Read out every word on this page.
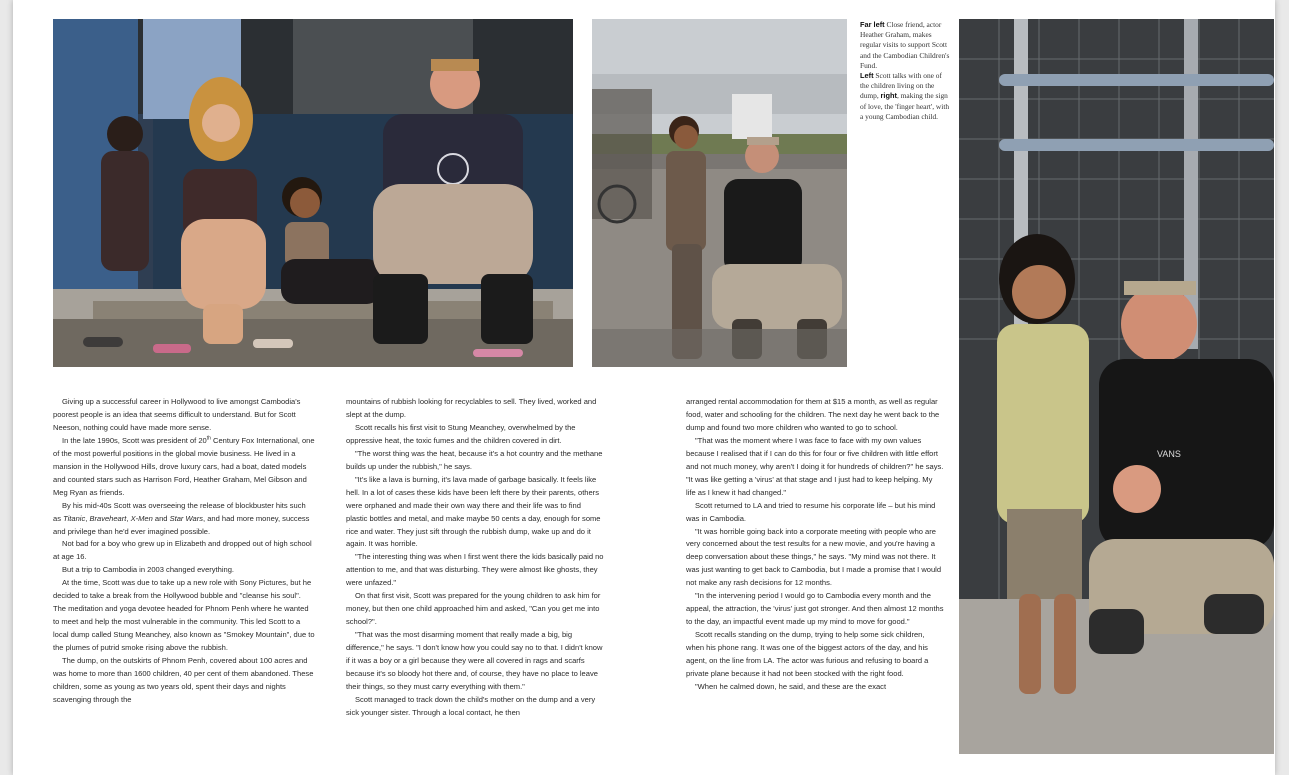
Far left Close friend, actor Heather Graham, makes regular visits to support Scott and the Cambodian Children's Fund.
Left Scott talks with one of the children living on the dump, right, making the sign of love, the 'finger heart', with a young Cambodian child.
VANS

Giving up a successful career in Hollywood to live amongst Cambodia's poorest people is an idea that seems difficult to understand. But for Scott Neeson, nothing could have made more sense.

In the late 1990s, Scott was president of 20th Century Fox International, one of the most powerful positions in the global movie business. He lived in a mansion in the Hollywood Hills, drove luxury cars, had a boat, dated models and counted stars such as Harrison Ford, Heather Graham, Mel Gibson and Meg Ryan as friends.

By his mid-40s Scott was overseeing the release of blockbuster hits such as Titanic, Braveheart, X-Men and Star Wars, and had more money, success and privilege than he'd ever imagined possible.

Not bad for a boy who grew up in Elizabeth and dropped out of high school at age 16.

But a trip to Cambodia in 2003 changed everything.

At the time, Scott was due to take up a new role with Sony Pictures, but he decided to take a break from the Hollywood bubble and "cleanse his soul". The meditation and yoga devotee headed for Phnom Penh where he wanted to meet and help the most vulnerable in the community. This led Scott to a local dump called Stung Meanchey, also known as "Smokey Mountain", due to the plumes of putrid smoke rising above the rubbish.

The dump, on the outskirts of Phnom Penh, covered about 100 acres and was home to more than 1600 children, 40 per cent of them abandoned. These children, some as young as two years old, spent their days and nights scavenging through the

mountains of rubbish looking for recyclables to sell. They lived, worked and slept at the dump.

Scott recalls his first visit to Stung Meanchey, overwhelmed by the oppressive heat, the toxic fumes and the children covered in dirt.

"The worst thing was the heat, because it's a hot country and the methane builds up under the rubbish," he says.

"It's like a lava is burning, it's lava made of garbage basically. It feels like hell. In a lot of cases these kids have been left there by their parents, others were orphaned and made their own way there and their life was to find plastic bottles and metal, and make maybe 50 cents a day, enough for some rice and water. They just sift through the rubbish dump, wake up and do it again. It was horrible.

"The interesting thing was when I first went there the kids basically paid no attention to me, and that was disturbing. They were almost like ghosts, they were unfazed."

On that first visit, Scott was prepared for the young children to ask him for money, but then one child approached him and asked, "Can you get me into school?".

"That was the most disarming moment that really made a big, big difference," he says. "I don't know how you could say no to that. I didn't know if it was a boy or a girl because they were all covered in rags and scarfs because it's so bloody hot there and, of course, they have no place to leave their things, so they must carry everything with them."

Scott managed to track down the child's mother on the dump and a very sick younger sister. Through a local contact, he then

arranged rental accommodation for them at $15 a month, as well as regular food, water and schooling for the children. The next day he went back to the dump and found two more children who wanted to go to school.

"That was the moment where I was face to face with my own values because I realised that if I can do this for four or five children with little effort and not much money, why aren't I doing it for hundreds of children?" he says. "It was like getting a 'virus' at that stage and I just had to keep helping. My life as I knew it had changed."

Scott returned to LA and tried to resume his corporate life – but his mind was in Cambodia.

"It was horrible going back into a corporate meeting with people who are very concerned about the test results for a new movie, and you're having a deep conversation about these things," he says. "My mind was not there. It was just wanting to get back to Cambodia, but I made a promise that I would not make any rash decisions for 12 months.

"In the intervening period I would go to Cambodia every month and the appeal, the attraction, the 'virus' just got stronger. And then almost 12 months to the day, an impactful event made up my mind to move for good."

Scott recalls standing on the dump, trying to help some sick children, when his phone rang. It was one of the biggest actors of the day, and his agent, on the line from LA. The actor was furious and refusing to board a private plane because it had not been stocked with the right food.

"When he calmed down, he said, and these are the exact
